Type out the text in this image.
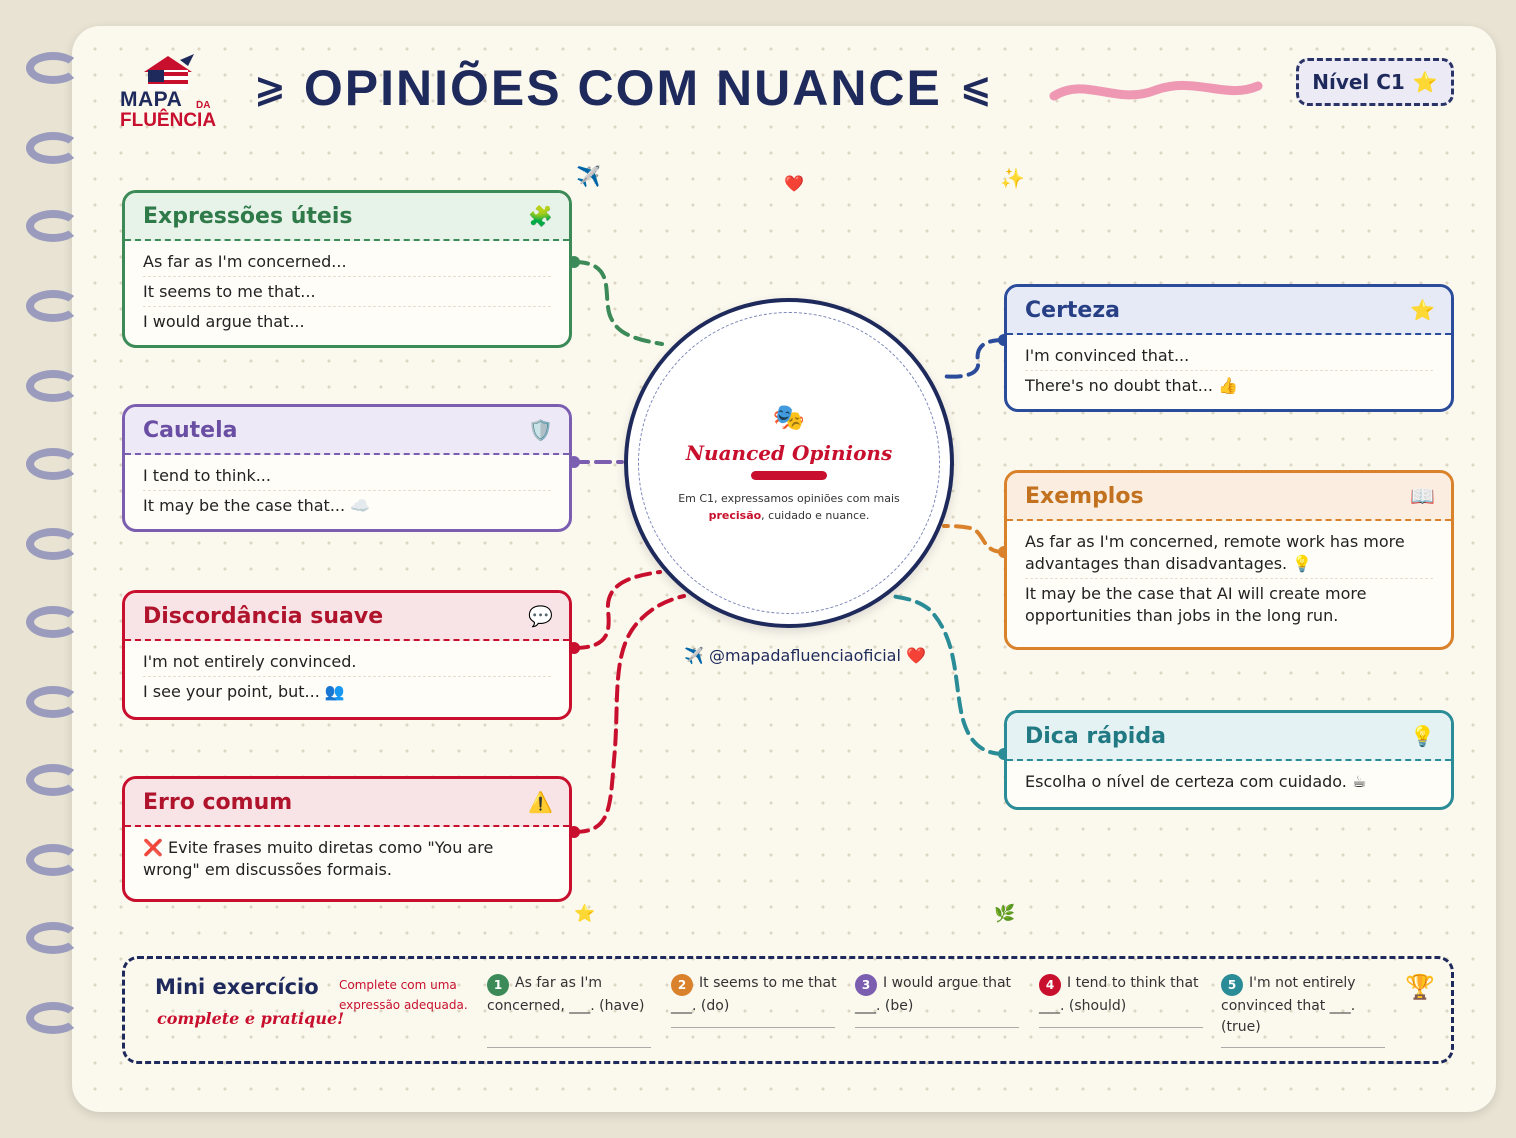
MAPA DA
FLUÊNCIA
⩾ OPINIÕES COM NUANCE ⩽	Nível C1 ⭐
✈️	❤️	✨
⭐	🌿
Expressões úteis	🧩
As far as I'm concerned...
It seems to me that...
I would argue that...
Cautela	🛡️
I tend to think...
It may be the case that... ☁️
Discordância suave	💬
I'm not entirely convinced.
I see your point, but... 👥
Erro comum	⚠️
❌ Evite frases muito diretas como "You are wrong" em discussões formais.
Certeza	⭐
I'm convinced that...
There's no doubt that... 👍
Exemplos	📖
As far as I'm concerned, remote work has more advantages than disadvantages. 💡
It may be the case that AI will create more opportunities than jobs in the long run.
Dica rápida	💡
Escolha o nível de certeza com cuidado. ☕
🎭
Nuanced Opinions
Em C1, expressamos opiniões com mais precisão, cuidado e nuance.
✈️ @mapadafluenciaoficial ❤️
Mini exercício
complete e pratique!
Complete com uma expressão adequada.
1 As far as I'm concerned, ___. (have)
2 It seems to me that ___. (do)
3 I would argue that ___. (be)
4 I tend to think that ___. (should)
5 I'm not entirely convinced that ___. (true)
🏆
